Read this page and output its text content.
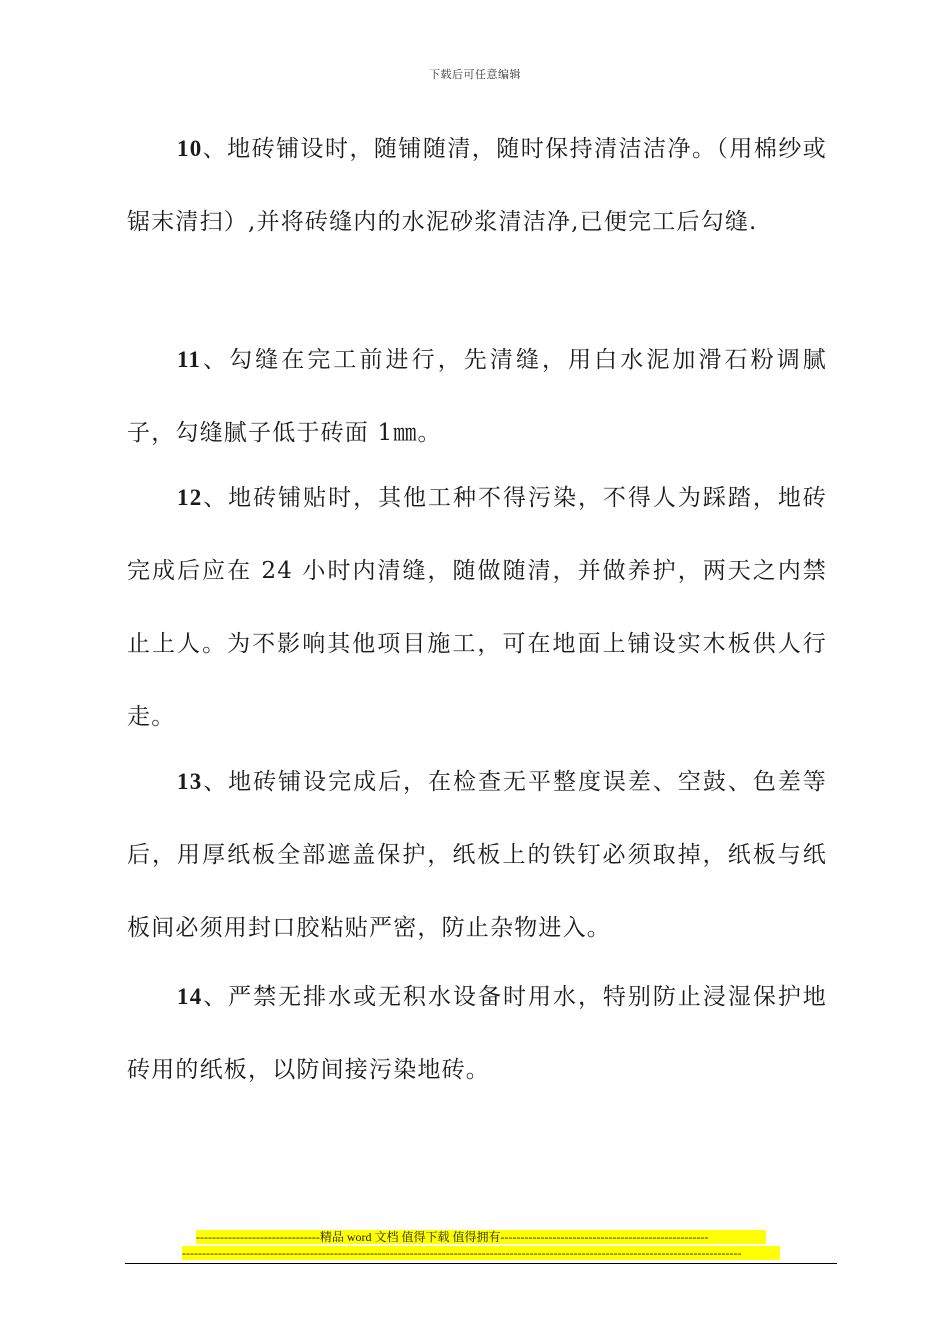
下载后可任意编辑

10、地砖铺设时，随铺随清，随时保持清洁洁净。（用棉纱或锯末清扫）,并将砖缝内的水泥砂浆清洁净,已便完工后勾缝.

11、勾缝在完工前进行，先清缝，用白水泥加滑石粉调腻子，勾缝腻子低于砖面 1㎜。

12、地砖铺贴时，其他工种不得污染，不得人为踩踏，地砖完成后应在 24 小时内清缝，随做随清，并做养护，两天之内禁止上人。为不影响其他项目施工，可在地面上铺设实木板供人行走。

13、地砖铺设完成后，在检查无平整度误差、空鼓、色差等后，用厚纸板全部遮盖保护，纸板上的铁钉必须取掉，纸板与纸板间必须用封口胶粘贴严密，防止杂物进入。

14、严禁无排水或无积水设备时用水，特别防止浸湿保护地砖用的纸板，以防间接污染地砖。

-------------------------------精品 word 文档 值得下载 值得拥有----------------------------------------------------
--------------------------------------------------------------------------------------------------------------------------------------------
